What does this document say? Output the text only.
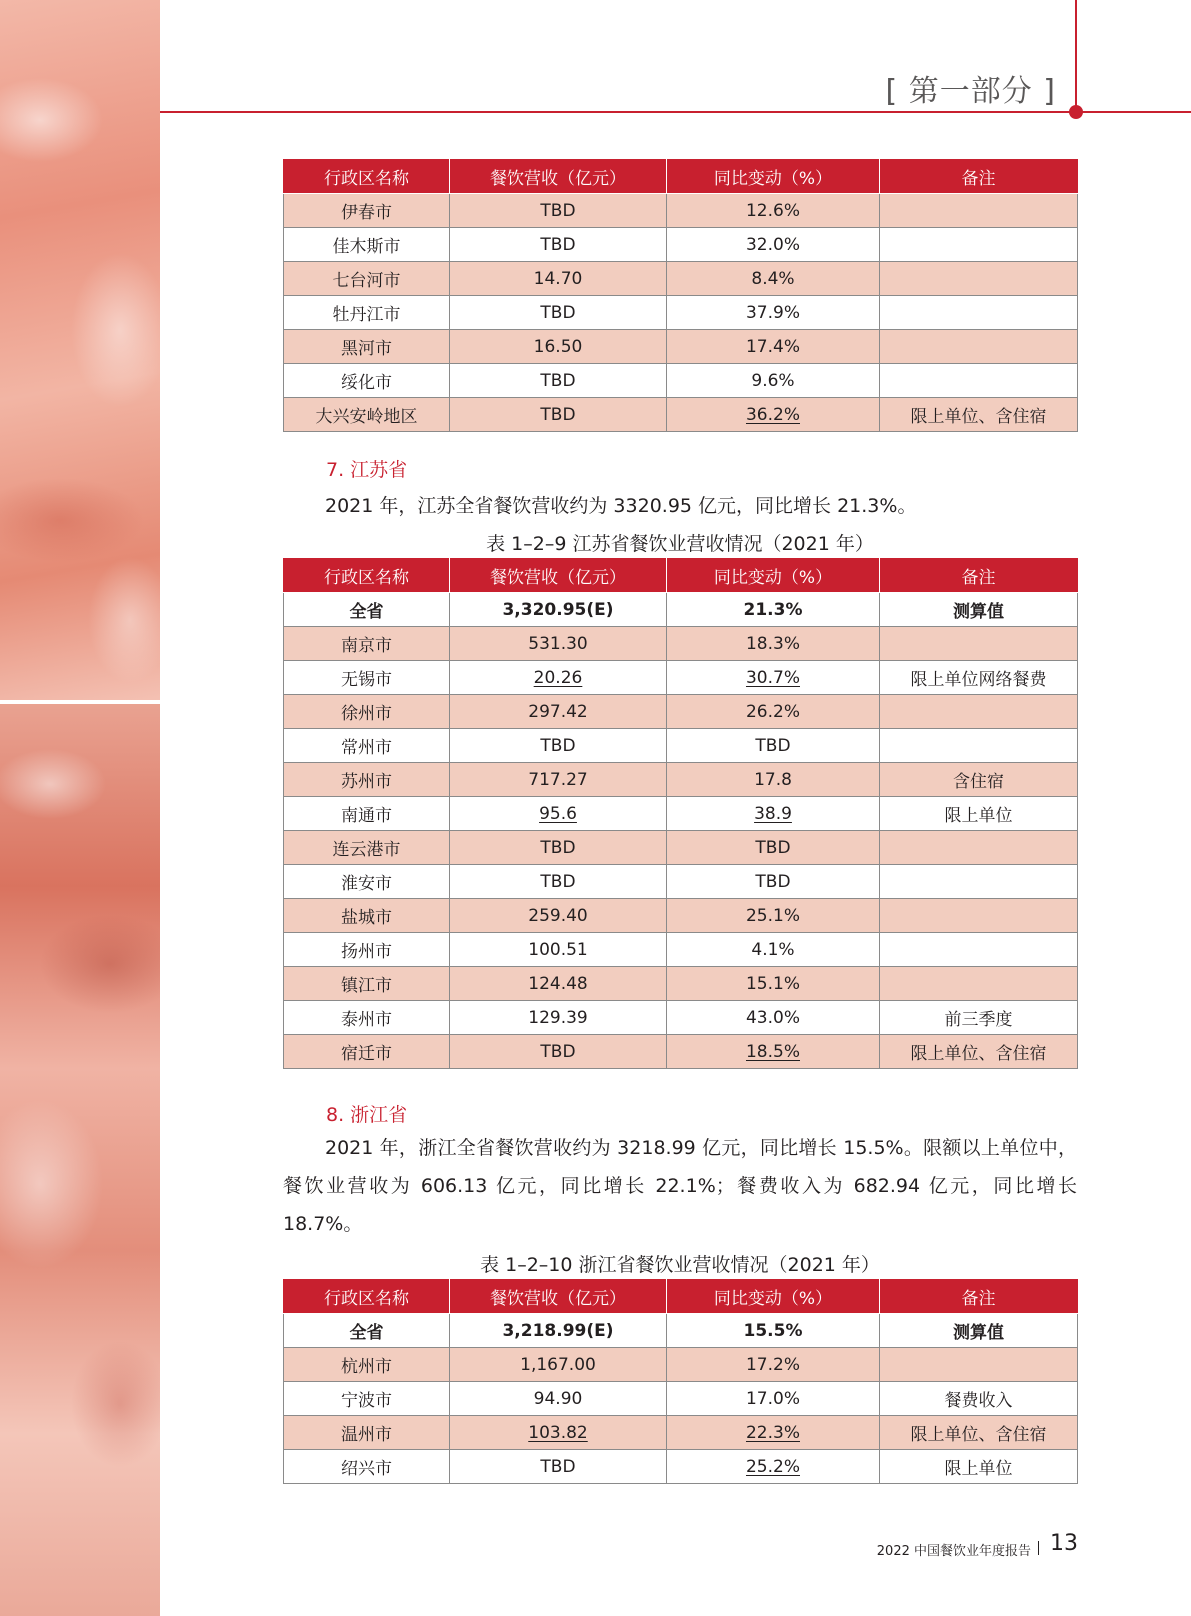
[ 第一部分 ]
行政区名称	餐饮营收（亿元）	同比变动（%）	备注
伊春市	TBD	12.6%	
佳木斯市	TBD	32.0%	
七台河市	14.70	8.4%	
牡丹江市	TBD	37.9%	
黑河市	16.50	17.4%	
绥化市	TBD	9.6%	
大兴安岭地区	TBD	36.2%	限上单位、含住宿
7. 江苏省
2021 年，江苏全省餐饮营收约为 3320.95 亿元，同比增长 21.3%。
表 1–2–9 江苏省餐饮业营收情况（2021 年）
行政区名称	餐饮营收（亿元）	同比变动（%）	备注
全省	3,320.95(E)	21.3%	测算值
南京市	531.30	18.3%	
无锡市	20.26	30.7%	限上单位网络餐费
徐州市	297.42	26.2%	
常州市	TBD	TBD	
苏州市	717.27	17.8	含住宿
南通市	95.6	38.9	限上单位
连云港市	TBD	TBD	
淮安市	TBD	TBD	
盐城市	259.40	25.1%	
扬州市	100.51	4.1%	
镇江市	124.48	15.1%	
泰州市	129.39	43.0%	前三季度
宿迁市	TBD	18.5%	限上单位、含住宿
8. 浙江省
2021 年，浙江全省餐饮营收约为 3218.99 亿元，同比增长 15.5%。限额以上单位中，餐饮业营收为 606.13 亿元，同比增长 22.1%；餐费收入为 682.94 亿元，同比增长 18.7%。
表 1–2–10 浙江省餐饮业营收情况（2021 年）
行政区名称	餐饮营收（亿元）	同比变动（%）	备注
全省	3,218.99(E)	15.5%	测算值
杭州市	1,167.00	17.2%	
宁波市	94.90	17.0%	餐费收入
温州市	103.82	22.3%	限上单位、含住宿
绍兴市	TBD	25.2%	限上单位
2022 中国餐饮业年度报告 13
